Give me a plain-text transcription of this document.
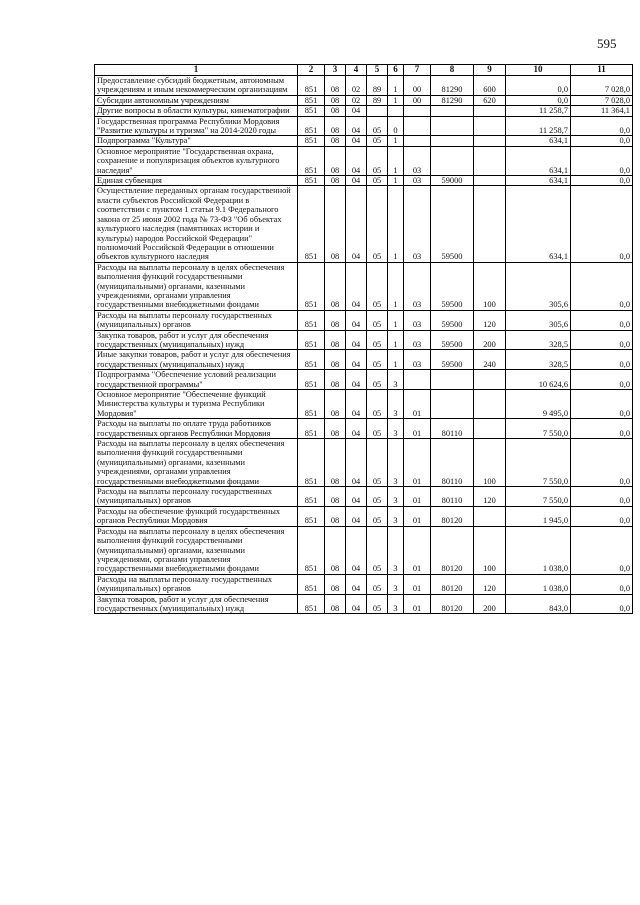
595
1	2	3	4	5	6	7	8	9	10	11
Предоставление субсидий бюджетным, автономным учреждениям и иным некоммерческим организациям	851	08	02	89	1	00	81290	600	0,0	7 028,0
Субсидии автономным учреждениям	851	08	02	89	1	00	81290	620	0,0	7 028,0
Другие вопросы в области культуры, кинематографии	851	08	04						11 258,7	11 364,1
Государственная программа Республики Мордовия "Развитие культуры и туризма" на 2014-2020 годы	851	08	04	05	0				11 258,7	0,0
Подпрограмма "Культура"	851	08	04	05	1				634,1	0,0
Основное мероприятие "Государственная охрана, сохранение и популяризация объектов культурного наследия"	851	08	04	05	1	03			634,1	0,0
Единая субвенция	851	08	04	05	1	03	59000		634,1	0,0
Осуществление переданных органам государственной власти субъектов Российской Федерации в соответствии с пунктом 1 статьи 9.1 Федерального закона от 25 июня 2002 года № 73-ФЗ "Об объектах культурного наследия (памятниках истории и культуры) народов Российской Федерации" полномочий Российской Федерации в отношении объектов культурного наследия	851	08	04	05	1	03	59500		634,1	0,0
Расходы на выплаты персоналу в целях обеспечения выполнения функций государственными (муниципальными) органами, казенными учреждениями, органами управления государственными внебюджетными фондами	851	08	04	05	1	03	59500	100	305,6	0,0
Расходы на выплаты персоналу государственных (муниципальных) органов	851	08	04	05	1	03	59500	120	305,6	0,0
Закупка товаров, работ и услуг для обеспечения государственных (муниципальных) нужд	851	08	04	05	1	03	59500	200	328,5	0,0
Иные закупки товаров, работ и услуг для обеспечения государственных (муниципальных) нужд	851	08	04	05	1	03	59500	240	328,5	0,0
Подпрограмма "Обеспечение условий реализации государственной программы"	851	08	04	05	3				10 624,6	0,0
Основное мероприятие "Обеспечение функций Министерства культуры и туризма Республики Мордовия"	851	08	04	05	3	01			9 495,0	0,0
Расходы на выплаты по оплате труда работников государственных органов Республики Мордовия	851	08	04	05	3	01	80110		7 550,0	0,0
Расходы на выплаты персоналу в целях обеспечения выполнения функций государственными (муниципальными) органами, казенными учреждениями, органами управления государственными внебюджетными фондами	851	08	04	05	3	01	80110	100	7 550,0	0,0
Расходы на выплаты персоналу государственных (муниципальных) органов	851	08	04	05	3	01	80110	120	7 550,0	0,0
Расходы на обеспечение функций государственных органов Республики Мордовия	851	08	04	05	3	01	80120		1 945,0	0,0
Расходы на выплаты персоналу в целях обеспечения выполнения функций государственными (муниципальными) органами, казенными учреждениями, органами управления государственными внебюджетными фондами	851	08	04	05	3	01	80120	100	1 038,0	0,0
Расходы на выплаты персоналу государственных (муниципальных) органов	851	08	04	05	3	01	80120	120	1 038,0	0,0
Закупка товаров, работ и услуг для обеспечения государственных (муниципальных) нужд	851	08	04	05	3	01	80120	200	843,0	0,0
